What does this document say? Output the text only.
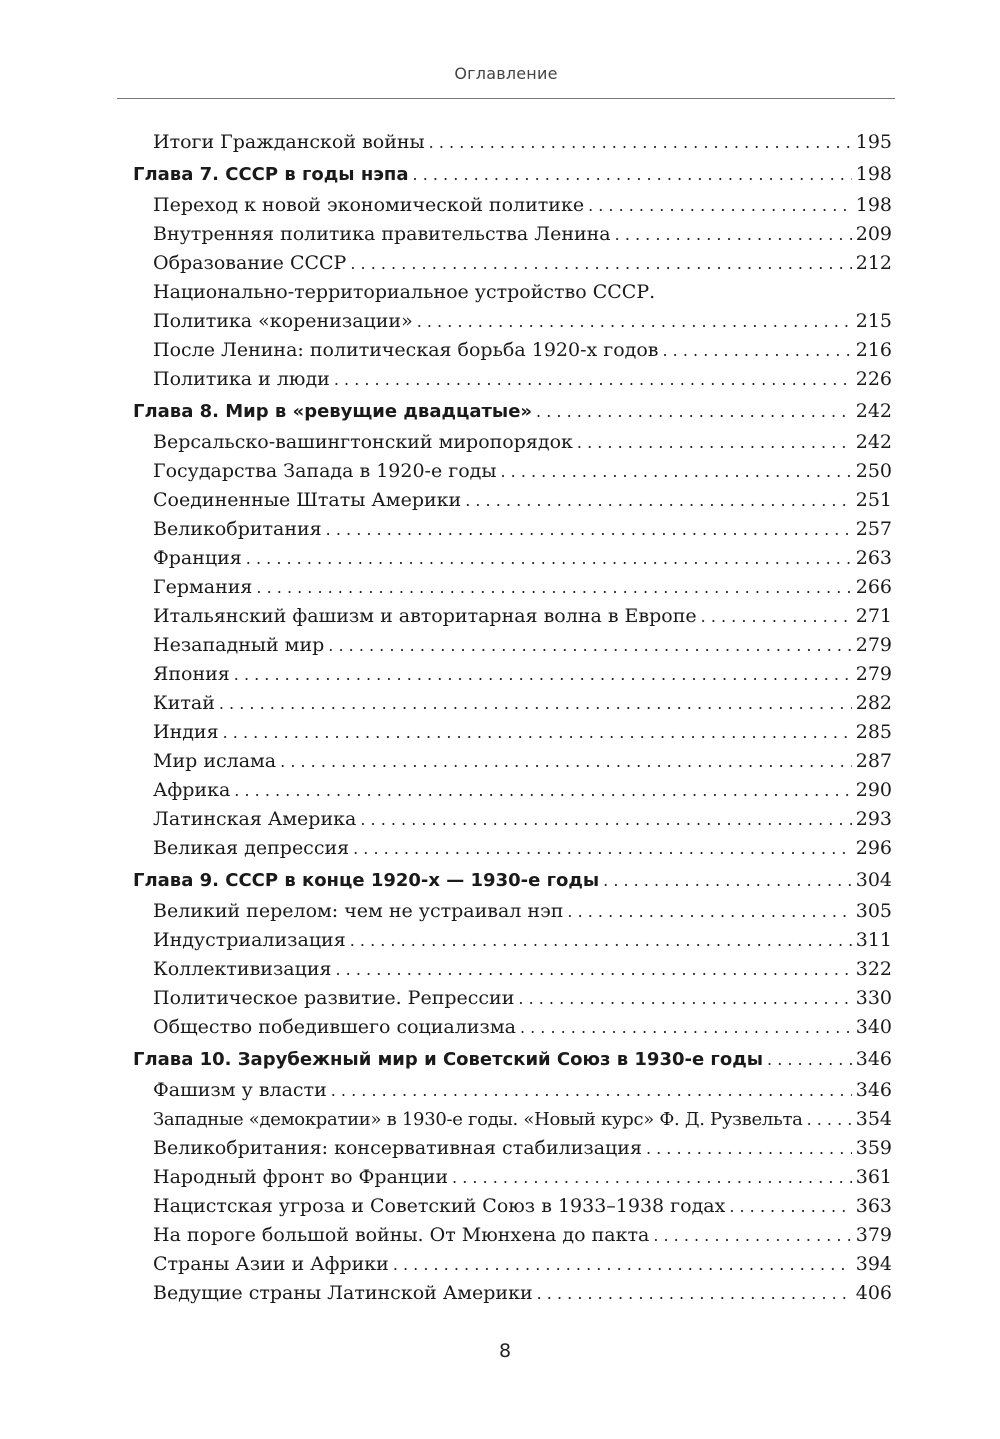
Оглавление
Итоги Гражданской войны . . .	195
Глава 7. СССР в годы нэпа . . .	198
Переход к новой экономической политике . . .	198
Внутренняя политика правительства Ленина . . .	209
Образование СССР . . .	212
Национально-территориальное устройство СССР.
Политика «коренизации» . . .	215
После Ленина: политическая борьба 1920-х годов . . .	216
Политика и люди . . .	226
Глава 8. Мир в «ревущие двадцатые» . . .	242
Версальско-вашингтонский миропорядок . . .	242
Государства Запада в 1920-е годы . . .	250
Соединенные Штаты Америки . . .	251
Великобритания . . .	257
Франция . . .	263
Германия . . .	266
Итальянский фашизм и авторитарная волна в Европе . . .	271
Незападный мир . . .	279
Япония . . .	279
Китай . . .	282
Индия . . .	285
Мир ислама . . .	287
Африка . . .	290
Латинская Америка . . .	293
Великая депрессия . . .	296
Глава 9. СССР в конце 1920-х — 1930-е годы . . .	304
Великий перелом: чем не устраивал нэп . . .	305
Индустриализация . . .	311
Коллективизация . . .	322
Политическое развитие. Репрессии . . .	330
Общество победившего социализма . . .	340
Глава 10. Зарубежный мир и Советский Союз в 1930-е годы . . .	346
Фашизм у власти . . .	346
Западные «демократии» в 1930-е годы. «Новый курс» Ф. Д. Рузвельта . . .	354
Великобритания: консервативная стабилизация . . .	359
Народный фронт во Франции . . .	361
Нацистская угроза и Советский Союз в 1933–1938 годах . . .	363
На пороге большой войны. От Мюнхена до пакта . . .	379
Страны Азии и Африки . . .	394
Ведущие страны Латинской Америки . . .	406
8
